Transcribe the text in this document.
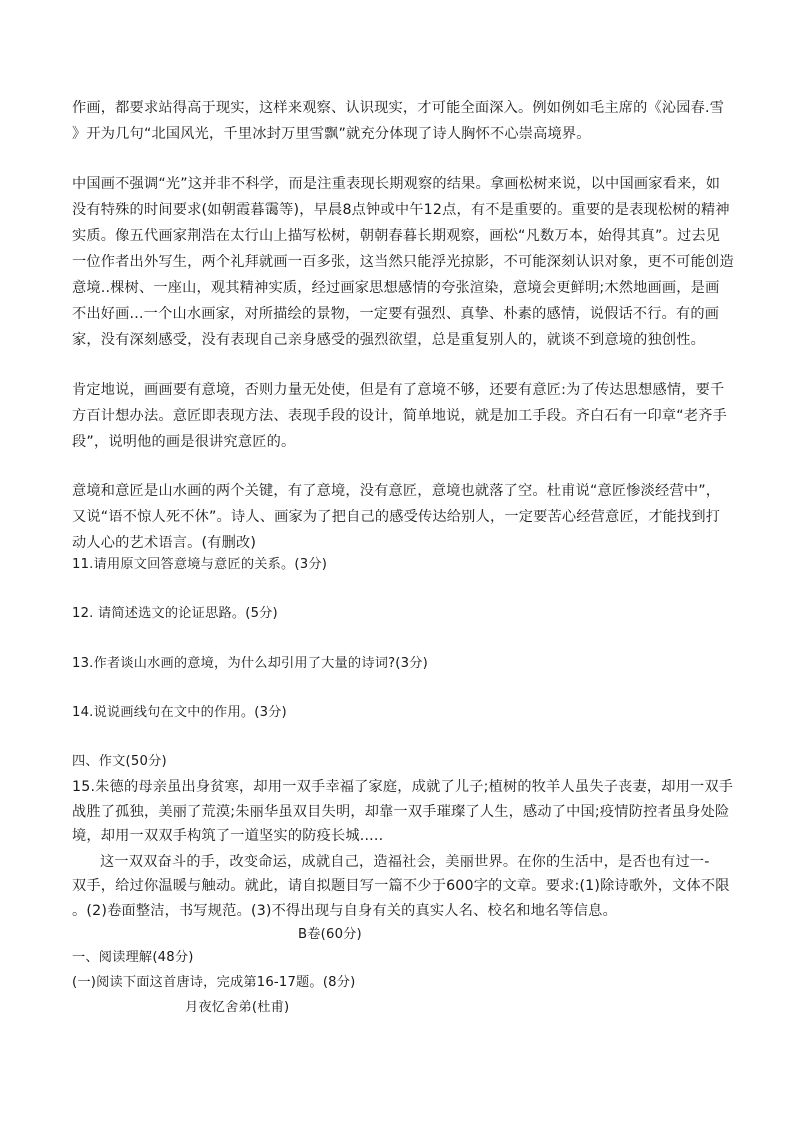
作画，都要求站得高于现实，这样来观察、认识现实，才可能全面深入。例如例如毛主席的《沁园春.雪
》开为几句“北国风光，千里冰封万里雪飘”就充分体现了诗人胸怀不心崇高境界。
中国画不强调“光”这并非不科学，而是注重表现长期观察的结果。拿画松树来说，以中国画家看来，如
没有特殊的时间要求(如朝霞暮霭等)，早晨8点钟或中午12点，有不是重要的。重要的是表现松树的精神
实质。像五代画家荆浩在太行山上描写松树，朝朝春暮长期观察，画松“凡数万本，始得其真”。过去见
一位作者出外写生，两个礼拜就画一百多张，这当然只能浮光掠影，不可能深刻认识对象，更不可能创造
意境..棵树、一座山，观其精神实质，经过画家思想感情的夸张渲染，意境会更鲜明;木然地画画，是画
不出好画...一个山水画家，对所描绘的景物，一定要有强烈、真挚、朴素的感情，说假话不行。有的画
家，没有深刻感受，没有表现自己亲身感受的强烈欲望，总是重复别人的，就谈不到意境的独创性。
肯定地说，画画要有意境，否则力量无处使，但是有了意境不够，还要有意匠:为了传达思想感情，要千
方百计想办法。意匠即表现方法、表现手段的设计，简单地说，就是加工手段。齐白石有一印章“老齐手
段”，说明他的画是很讲究意匠的。
意境和意匠是山水画的两个关键，有了意境，没有意匠，意境也就落了空。杜甫说“意匠惨淡经营中”，
又说“语不惊人死不休”。诗人、画家为了把自己的感受传达给别人，一定要苦心经营意匠，才能找到打
动人心的艺术语言。(有删改)
11.请用原文回答意境与意匠的关系。(3分)
12. 请简述选文的论证思路。(5分)
13.作者谈山水画的意境，为什么却引用了大量的诗词?(3分)
14.说说画线句在文中的作用。(3分)
四、作文(50分)
15.朱德的母亲虽出身贫寒，却用一双手幸福了家庭，成就了儿子;植树的牧羊人虽失子丧妻，却用一双手
战胜了孤独，美丽了荒漠;朱丽华虽双目失明，却靠一双手璀璨了人生，感动了中国;疫情防控者虽身处险
境，却用一双双手构筑了一道坚实的防疫长城.....
这一双双奋斗的手，改变命运，成就自己，造福社会，美丽世界。在你的生活中，是否也有过一-
双手，给过你温暖与触动。就此，请自拟题目写一篇不少于600字的文章。要求:(1)除诗歌外，文体不限
。(2)卷面整洁，书写规范。(3)不得出现与自身有关的真实人名、校名和地名等信息。
B卷(60分)
一、阅读理解(48分)
(一)阅读下面这首唐诗，完成第16-17题。(8分)
月夜忆舍弟(杜甫)
